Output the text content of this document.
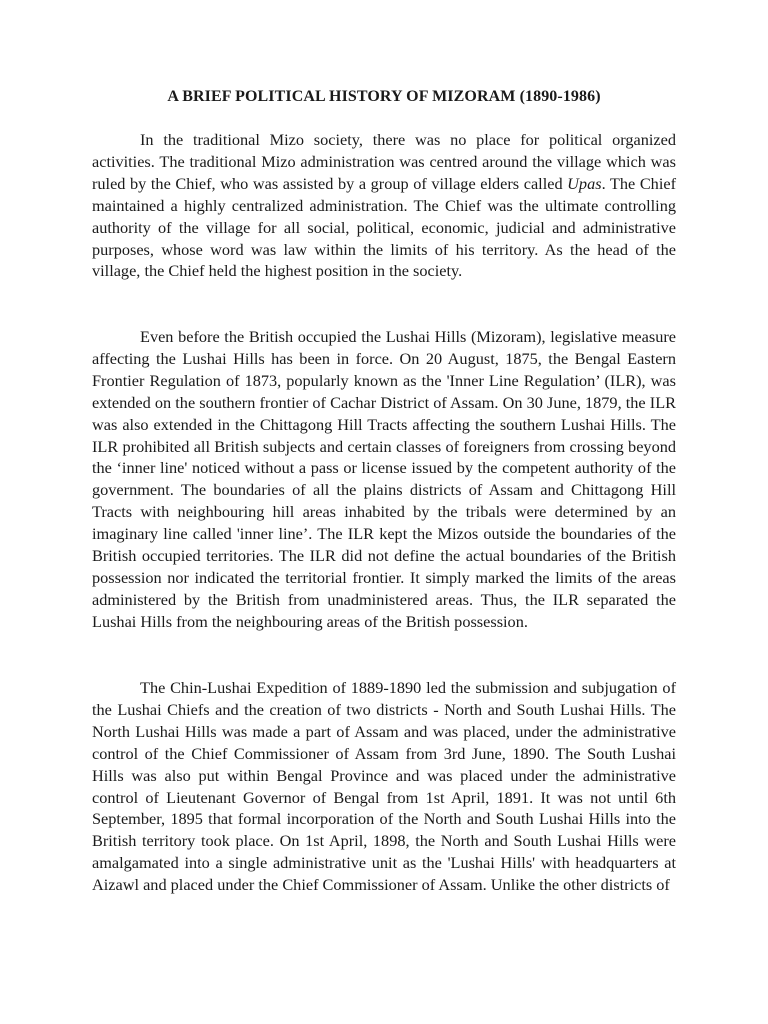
A BRIEF POLITICAL HISTORY OF MIZORAM (1890-1986)

In the traditional Mizo society, there was no place for political organized activities. The traditional Mizo administration was centred around the village which was ruled by the Chief, who was assisted by a group of village elders called Upas. The Chief maintained a highly centralized administration. The Chief was the ultimate controlling authority of the village for all social, political, economic, judicial and administrative purposes, whose word was law within the limits of his territory. As the head of the village, the Chief held the highest position in the society.

Even before the British occupied the Lushai Hills (Mizoram), legislative measure affecting the Lushai Hills has been in force. On 20 August, 1875, the Bengal Eastern Frontier Regulation of 1873, popularly known as the 'Inner Line Regulation’ (ILR), was extended on the southern frontier of Cachar District of Assam. On 30 June, 1879, the ILR was also extended in the Chittagong Hill Tracts affecting the southern Lushai Hills. The ILR prohibited all British subjects and certain classes of foreigners from crossing beyond the ‘inner line' noticed without a pass or license issued by the competent authority of the government. The boundaries of all the plains districts of Assam and Chittagong Hill Tracts with neighbouring hill areas inhabited by the tribals were determined by an imaginary line called 'inner line’. The ILR kept the Mizos outside the boundaries of the British occupied territories. The ILR did not define the actual boundaries of the British possession nor indicated the territorial frontier. It simply marked the limits of the areas administered by the British from unadministered areas. Thus, the ILR separated the Lushai Hills from the neighbouring areas of the British possession.

The Chin-Lushai Expedition of 1889-1890 led the submission and subjugation of the Lushai Chiefs and the creation of two districts - North and South Lushai Hills. The North Lushai Hills was made a part of Assam and was placed, under the administrative control of the Chief Commissioner of Assam from 3rd June, 1890. The South Lushai Hills was also put within Bengal Province and was placed under the administrative control of Lieutenant Governor of Bengal from 1st April, 1891. It was not until 6th September, 1895 that formal incorporation of the North and South Lushai Hills into the British territory took place. On 1st April, 1898, the North and South Lushai Hills were amalgamated into a single administrative unit as the 'Lushai Hills' with headquarters at Aizawl and placed under the Chief Commissioner of Assam. Unlike the other districts of
